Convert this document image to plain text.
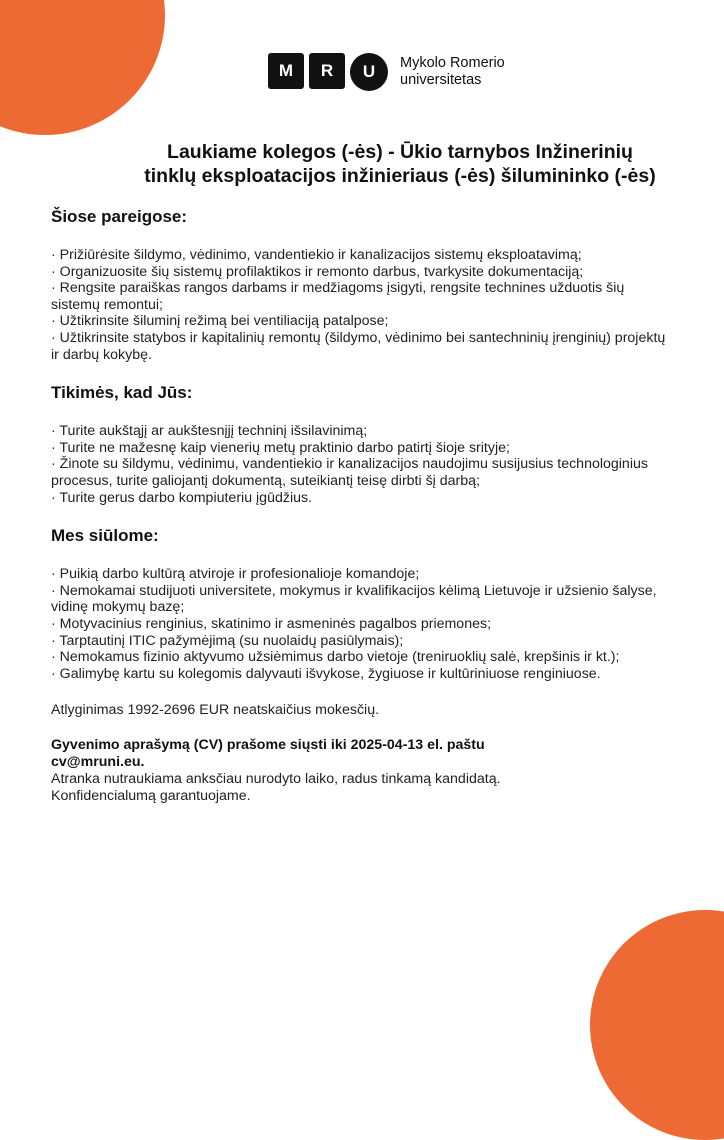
M	R	U	Mykolo Romerio
universitetas
Laukiame kolegos (-ės) - Ūkio tarnybos Inžinerinių
tinklų eksploatacijos inžinieriaus (-ės) šilumininko (-ės)
Šiose pareigose:
· Prižiūrėsite šildymo, vėdinimo, vandentiekio ir kanalizacijos sistemų eksploatavimą;
· Organizuosite šių sistemų profilaktikos ir remonto darbus, tvarkysite dokumentaciją;
· Rengsite paraiškas rangos darbams ir medžiagoms įsigyti, rengsite technines užduotis šių sistemų remontui;
· Užtikrinsite šiluminį režimą bei ventiliaciją patalpose;
· Užtikrinsite statybos ir kapitalinių remontų (šildymo, vėdinimo bei santechninių įrenginių) projektų ir darbų kokybę.
Tikimės, kad Jūs:
· Turite aukštąjį ar aukštesnįjį techninį išsilavinimą;
· Turite ne mažesnę kaip vienerių metų praktinio darbo patirtį šioje srityje;
· Žinote su šildymu, vėdinimu, vandentiekio ir kanalizacijos naudojimu susijusius technologinius procesus, turite galiojantį dokumentą, suteikiantį teisę dirbti šį darbą;
· Turite gerus darbo kompiuteriu įgūdžius.
Mes siūlome:
· Puikią darbo kultūrą atviroje ir profesionalioje komandoje;
· Nemokamai studijuoti universitete, mokymus ir kvalifikacijos kėlimą Lietuvoje ir užsienio šalyse, vidinę mokymų bazę;
· Motyvacinius renginius, skatinimo ir asmeninės pagalbos priemones;
· Tarptautinį ITIC pažymėjimą (su nuolaidų pasiūlymais);
· Nemokamus fizinio aktyvumo užsiėmimus darbo vietoje (treniruoklių salė, krepšinis ir kt.);
· Galimybę kartu su kolegomis dalyvauti išvykose, žygiuose ir kultūriniuose renginiuose.

Atlyginimas 1992-2696 EUR neatskaičius mokesčių.

Gyvenimo aprašymą (CV) prašome siųsti iki 2025-04-13 el. paštu
cv@mruni.eu.

Atranka nutraukiama anksčiau nurodyto laiko, radus tinkamą kandidatą.

Konfidencialumą garantuojame.
